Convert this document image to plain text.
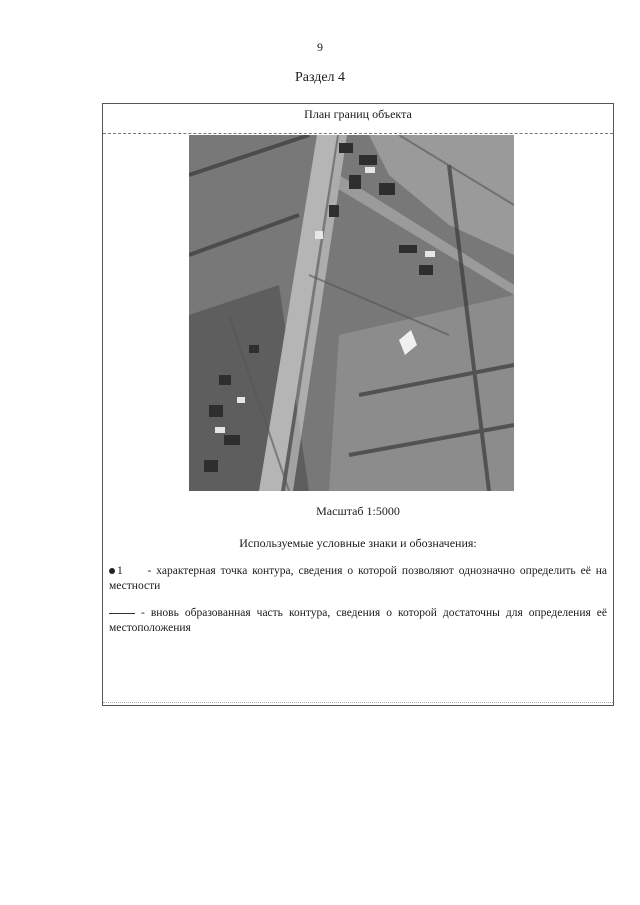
9
Раздел 4
План границ объекта
Масштаб 1:5000
Используемые условные знаки и обозначения:
1 - характерная точка контура, сведения о которой позволяют однозначно определить её на местности
- вновь образованная часть контура, сведения о которой достаточны для определения её местоположения
